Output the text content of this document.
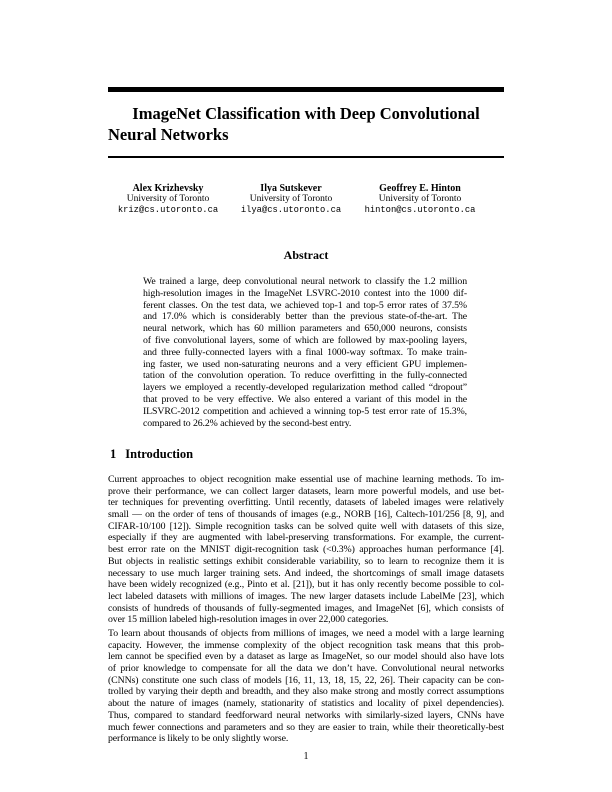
ImageNet Classification with Deep Convolutional
Neural Networks
Alex Krizhevsky
University of Toronto
kriz@cs.utoronto.ca
Ilya Sutskever
University of Toronto
ilya@cs.utoronto.ca
Geoffrey E. Hinton
University of Toronto
hinton@cs.utoronto.ca
Abstract
We trained a large, deep convolutional neural network to classify the 1.2 million
high-resolution images in the ImageNet LSVRC-2010 contest into the 1000 dif-
ferent classes. On the test data, we achieved top-1 and top-5 error rates of 37.5%
and 17.0% which is considerably better than the previous state-of-the-art. The
neural network, which has 60 million parameters and 650,000 neurons, consists
of five convolutional layers, some of which are followed by max-pooling layers,
and three fully-connected layers with a final 1000-way softmax. To make train-
ing faster, we used non-saturating neurons and a very efficient GPU implemen-
tation of the convolution operation. To reduce overfitting in the fully-connected
layers we employed a recently-developed regularization method called “dropout”
that proved to be very effective. We also entered a variant of this model in the
ILSVRC-2012 competition and achieved a winning top-5 test error rate of 15.3%,
compared to 26.2% achieved by the second-best entry.
1 Introduction
Current approaches to object recognition make essential use of machine learning methods. To im-
prove their performance, we can collect larger datasets, learn more powerful models, and use bet-
ter techniques for preventing overfitting. Until recently, datasets of labeled images were relatively
small — on the order of tens of thousands of images (e.g., NORB [16], Caltech-101/256 [8, 9], and
CIFAR-10/100 [12]). Simple recognition tasks can be solved quite well with datasets of this size,
especially if they are augmented with label-preserving transformations. For example, the current-
best error rate on the MNIST digit-recognition task (<0.3%) approaches human performance [4].
But objects in realistic settings exhibit considerable variability, so to learn to recognize them it is
necessary to use much larger training sets. And indeed, the shortcomings of small image datasets
have been widely recognized (e.g., Pinto et al. [21]), but it has only recently become possible to col-
lect labeled datasets with millions of images. The new larger datasets include LabelMe [23], which
consists of hundreds of thousands of fully-segmented images, and ImageNet [6], which consists of
over 15 million labeled high-resolution images in over 22,000 categories.
To learn about thousands of objects from millions of images, we need a model with a large learning
capacity. However, the immense complexity of the object recognition task means that this prob-
lem cannot be specified even by a dataset as large as ImageNet, so our model should also have lots
of prior knowledge to compensate for all the data we don’t have. Convolutional neural networks
(CNNs) constitute one such class of models [16, 11, 13, 18, 15, 22, 26]. Their capacity can be con-
trolled by varying their depth and breadth, and they also make strong and mostly correct assumptions
about the nature of images (namely, stationarity of statistics and locality of pixel dependencies).
Thus, compared to standard feedforward neural networks with similarly-sized layers, CNNs have
much fewer connections and parameters and so they are easier to train, while their theoretically-best
performance is likely to be only slightly worse.
1
